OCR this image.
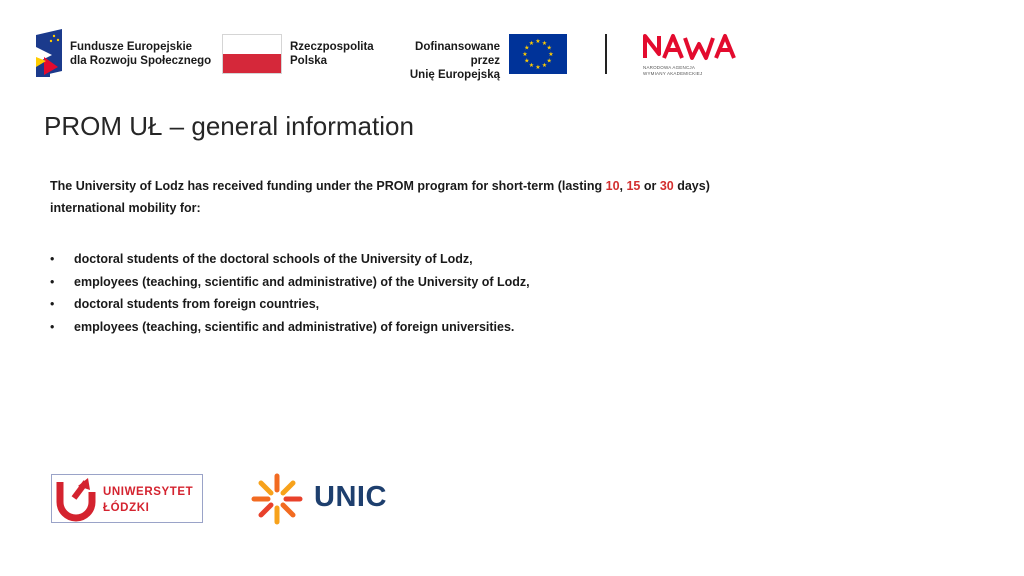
Fundusze Europejskie
dla Rozwoju Społecznego
Rzeczpospolita
Polska
Dofinansowane przez
Unię Europejską
★ ★
★
★
★
★
★
★
★
★
★
★
NARODOWA AGENCJA
WYMIANY AKADEMICKIEJ
PROM UŁ – general information
The University of Lodz has received funding under the PROM program for short-term (lasting 10, 15 or 30 days)
international mobility for:
• doctoral students of the doctoral schools of the University of Lodz,
• employees (teaching, scientific and administrative) of the University of Lodz,
• doctoral students from foreign countries,
• employees (teaching, scientific and administrative) of foreign universities.
UNIWERSYTET
ŁÓDZKI	UNIC
